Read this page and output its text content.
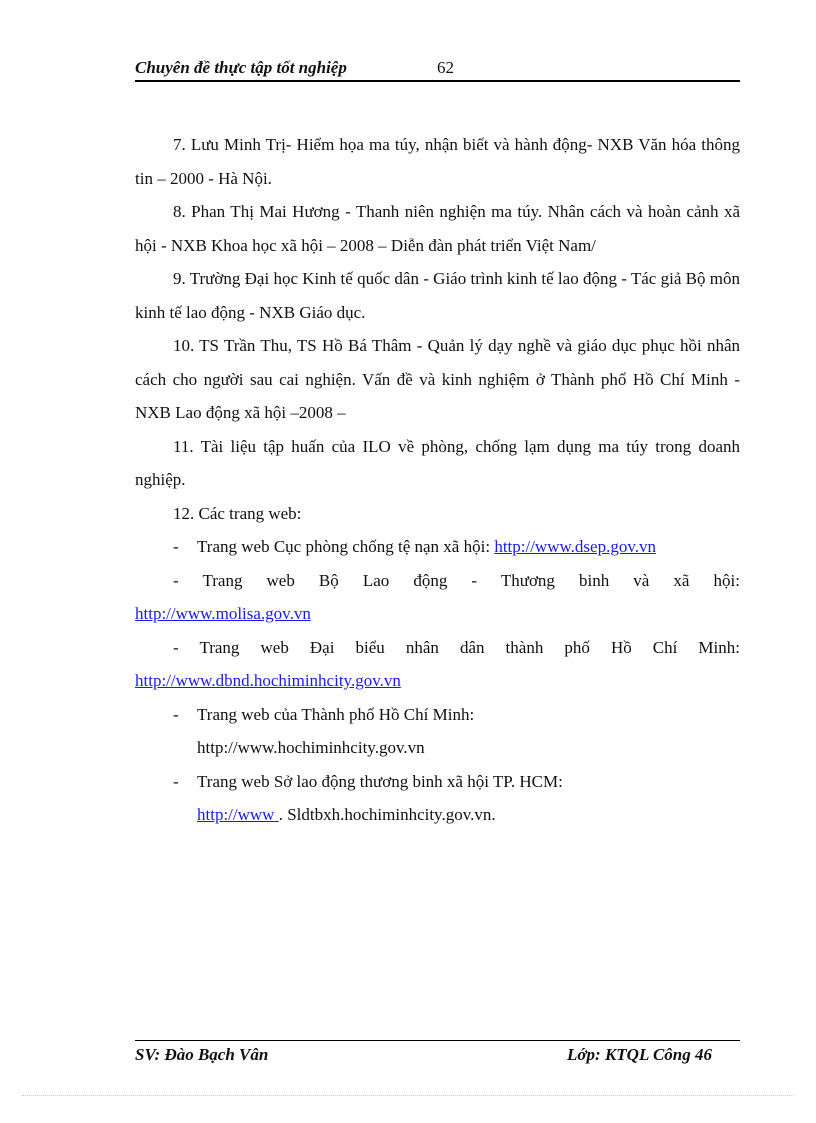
Chuyên đề thực tập tốt nghiệp	62

7. Lưu Minh Trị- Hiểm họa ma túy, nhận biết và hành động- NXB Văn hóa thông tin – 2000 - Hà Nội.

8. Phan Thị Mai Hương - Thanh niên nghiện ma túy. Nhân cách và hoàn cảnh xã hội - NXB Khoa học xã hội – 2008 – Diễn đàn phát triển Việt Nam/

9. Trường Đại học Kinh tế quốc dân - Giáo trình kinh tế lao động - Tác giả Bộ môn kinh tế lao động - NXB Giáo dục.

10. TS Trần Thu, TS Hồ Bá Thâm - Quản lý dạy nghề và giáo dục phục hồi nhân cách cho người sau cai nghiện. Vấn đề và kinh nghiệm ở Thành phố Hồ Chí Minh - NXB Lao động xã hội –2008 –

11. Tài liệu tập huấn của ILO về phòng, chống lạm dụng ma túy trong doanh nghiệp.

12. Các trang web:

- Trang web Cục phòng chống tệ nạn xã hội: http://www.dsep.gov.vn

- Trang web Bộ Lao động - Thương binh và xã hội:

http://www.molisa.gov.vn

- Trang web Đại biểu nhân dân thành phố Hồ Chí Minh:

http://www.dbnd.hochiminhcity.gov.vn

- Trang web của Thành phố Hồ Chí Minh:

http://www.hochiminhcity.gov.vn

- Trang web Sở lao động thương binh xã hội TP. HCM:

http://www . Sldtbxh.hochiminhcity.gov.vn.

SV: Đào Bạch Vân	Lớp: KTQL Công 46
